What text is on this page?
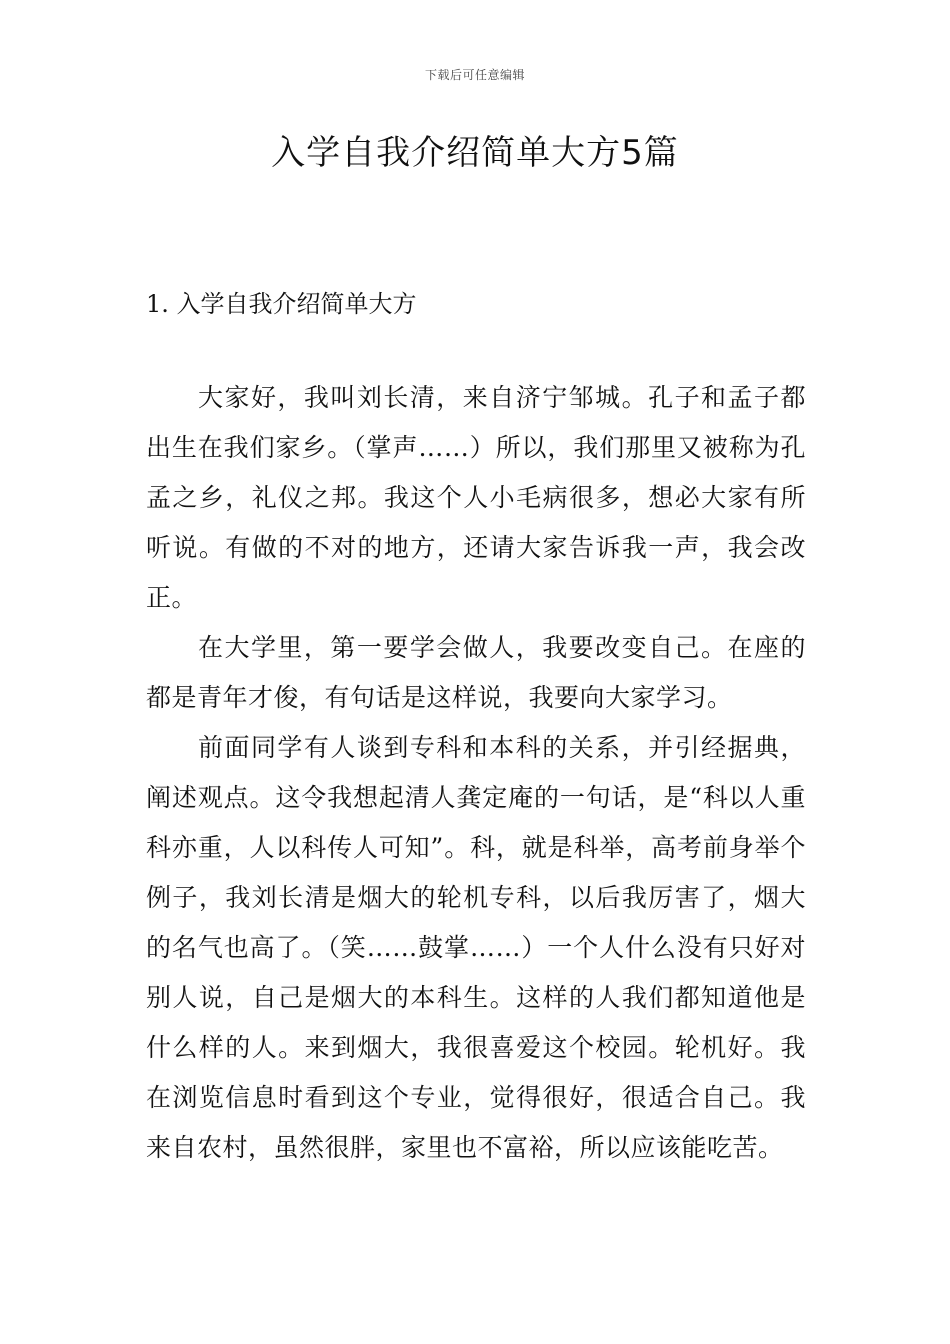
下载后可任意编辑
入学自我介绍简单大方5篇
1. 入学自我介绍简单大方

大家好，我叫刘长清，来自济宁邹城。孔子和孟子都出生在我们家乡。（掌声……）所以，我们那里又被称为孔孟之乡，礼仪之邦。我这个人小毛病很多，想必大家有所听说。有做的不对的地方，还请大家告诉我一声，我会改正。

在大学里，第一要学会做人，我要改变自己。在座的都是青年才俊，有句话是这样说，我要向大家学习。

前面同学有人谈到专科和本科的关系，并引经据典，阐述观点。这令我想起清人龚定庵的一句话，是“科以人重科亦重，人以科传人可知”。科，就是科举，高考前身举个例子，我刘长清是烟大的轮机专科，以后我厉害了，烟大的名气也高了。（笑……鼓掌……）一个人什么没有只好对别人说，自己是烟大的本科生。这样的人我们都知道他是什么样的人。来到烟大，我很喜爱这个校园。轮机好。我在浏览信息时看到这个专业，觉得很好，很适合自己。我来自农村，虽然很胖，家里也不富裕，所以应该能吃苦。
